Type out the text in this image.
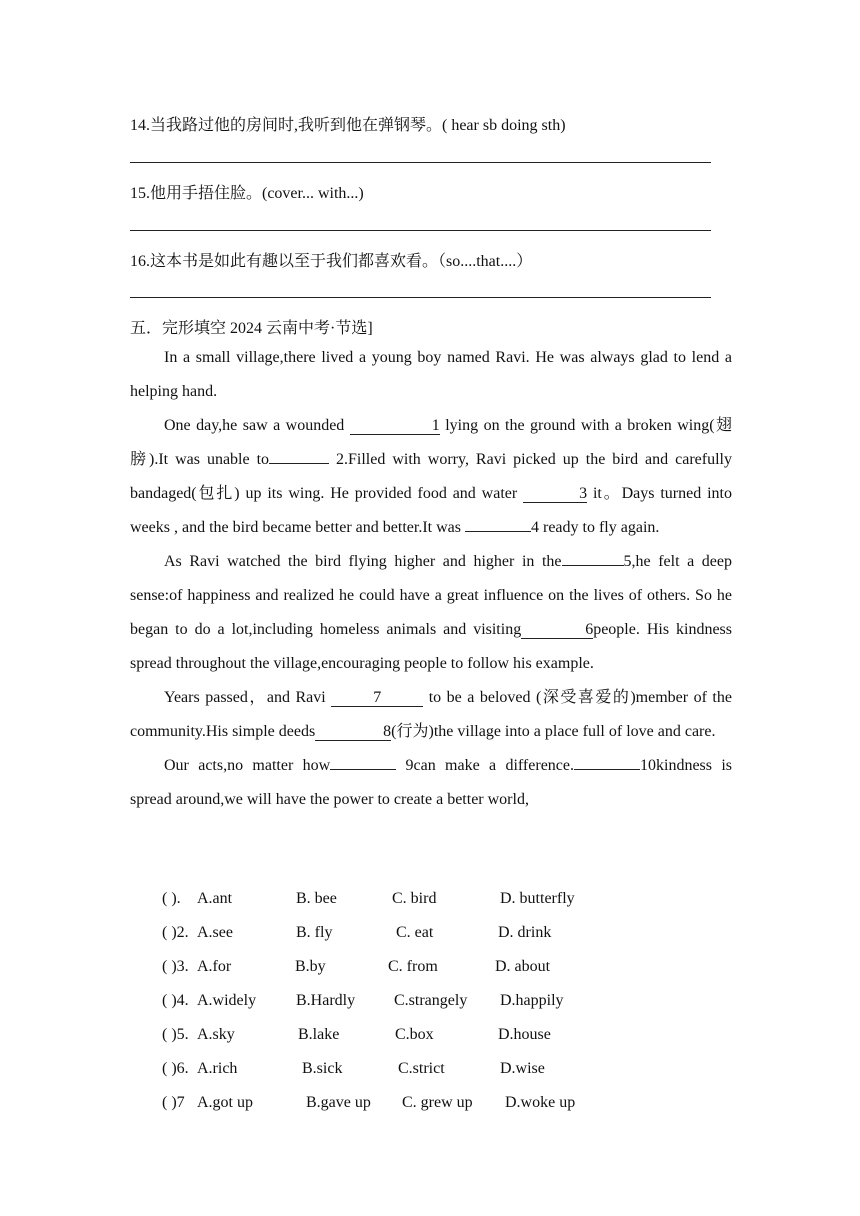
14.当我路过他的房间时,我听到他在弹钢琴。( hear sb doing sth)
15.他用手捂住脸。(cover... with...)
16.这本书是如此有趣以至于我们都喜欢看。（so....that....）
五．完形填空 2024 云南中考·节选]

In a small village,there lived a young boy named Ravi. He was always glad to lend a helping hand.

One day,he saw a wounded	1 lying on the ground with a broken wing(翅膀).It was unable to	2.Filled with worry, Ravi picked up the bird and carefully bandaged(包扎) up its wing. He provided food and water	3 it。Days turned into weeks , and the bird became better and better.It was	4 ready to fly again.

As Ravi watched the bird flying higher and higher in the	5,he felt a deep sense:of happiness and realized he could have a great influence on the lives of others. So he began to do a lot,including homeless animals and visiting	6people. His kindness spread throughout the village,encouraging people to follow his example.

Years passed，and Ravi	7	to be a beloved (深受喜爱的)member of the community.His simple deeds	8(行为)the village into a place full of love and care.

Our acts,no matter how	9can make a difference.	10kindness is spread around,we will have the power to create a better world,

( ). A.ant	B. bee	C. bird	D. butterfly
( )2. A.see	B. fly	C. eat	D. drink
( )3. A.for	B.by	C. from	D. about
( )4. A.widely B.Hardly C.strangely D.happily
( )5. A.sky	B.lake	C.box	D.house
( )6. A.rich	B.sick	C.strict	D.wise
( )7 A.got up	B.gave up C. grew up D.woke up
